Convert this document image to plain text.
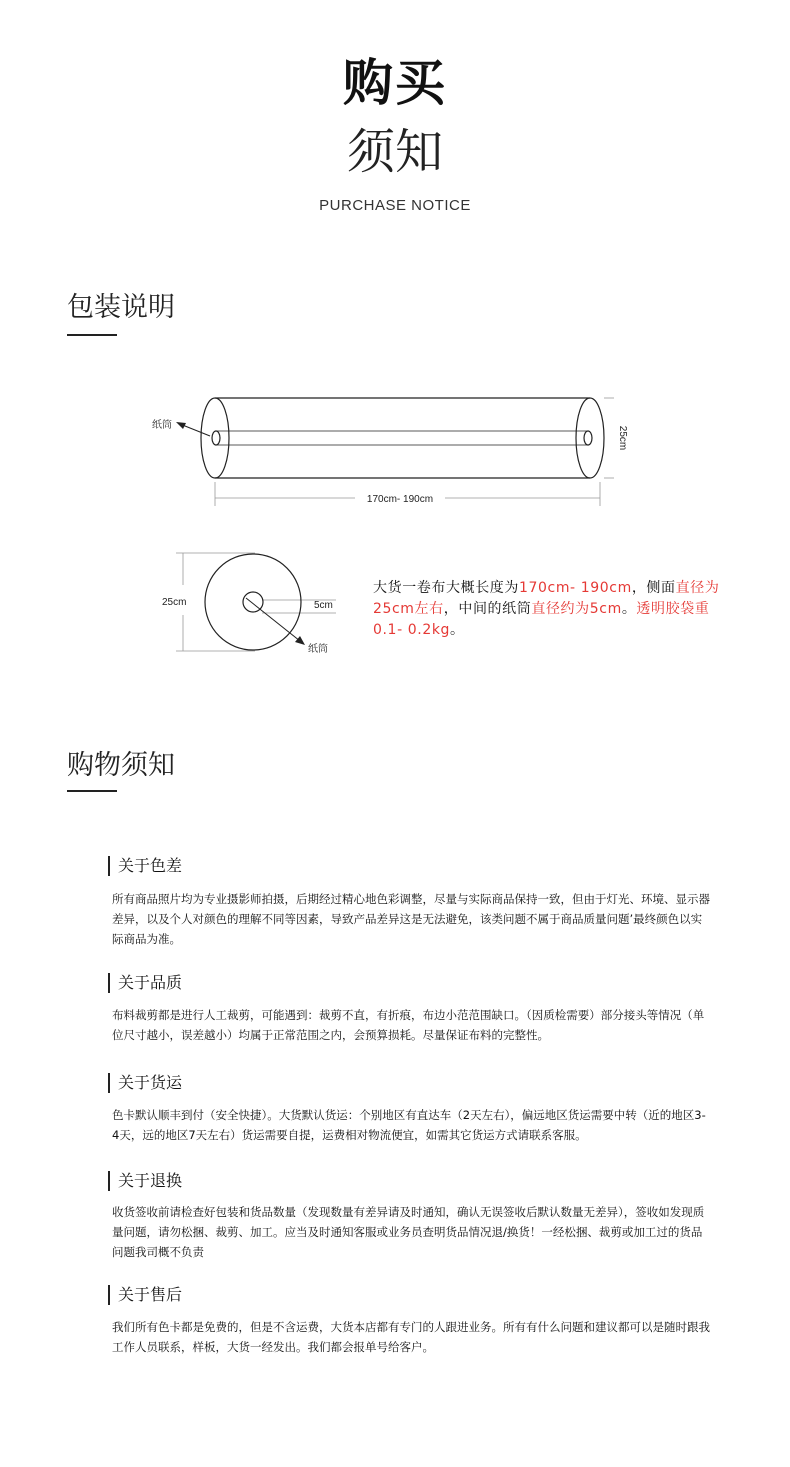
购买
须知
PURCHASE NOTICE
包装说明
纸筒
170cm- 190cm
25cm
25cm	5cm
纸筒
大货一卷布大概长度为170cm- 190cm，侧面直径为25cm左右，中间的纸筒直径约为5cm。透明胶袋重0.1- 0.2kg。
购物须知
关于色差
所有商品照片均为专业摄影师拍摄，后期经过精心地色彩调整，尽量与实际商品保持一致，但由于灯光、环境、显示器差异，以及个人对颜色的理解不同等因素，导致产品差异这是无法避免，该类问题不属于商品质量问题’最终颜色以实际商品为准。
关于品质
布料裁剪都是进行人工裁剪，可能遇到：裁剪不直，有折痕，布边小范范围缺口。（因质检需要）部分接头等情况（单位尺寸越小，误差越小）均属于正常范围之内，会预算损耗。尽量保证布料的完整性。
关于货运
色卡默认顺丰到付（安全快捷）。大货默认货运：个别地区有直达车（2天左右），偏远地区货运需要中转（近的地区3- 4天，远的地区7天左右）货运需要自提，运费相对物流便宜，如需其它货运方式请联系客服。
关于退换
收货签收前请检查好包装和货品数量（发现数量有差异请及时通知，确认无误签收后默认数量无差异），签收如发现质量问题，请勿松捆、裁剪、加工。应当及时通知客服或业务员查明货品情况退/换货！一经松捆、裁剪或加工过的货品问题我司概不负责
关于售后
我们所有色卡都是免费的，但是不含运费，大货本店都有专门的人跟进业务。所有有什么问题和建议都可以是随时跟我工作人员联系，样板，大货一经发出。我们都会报单号给客户。
